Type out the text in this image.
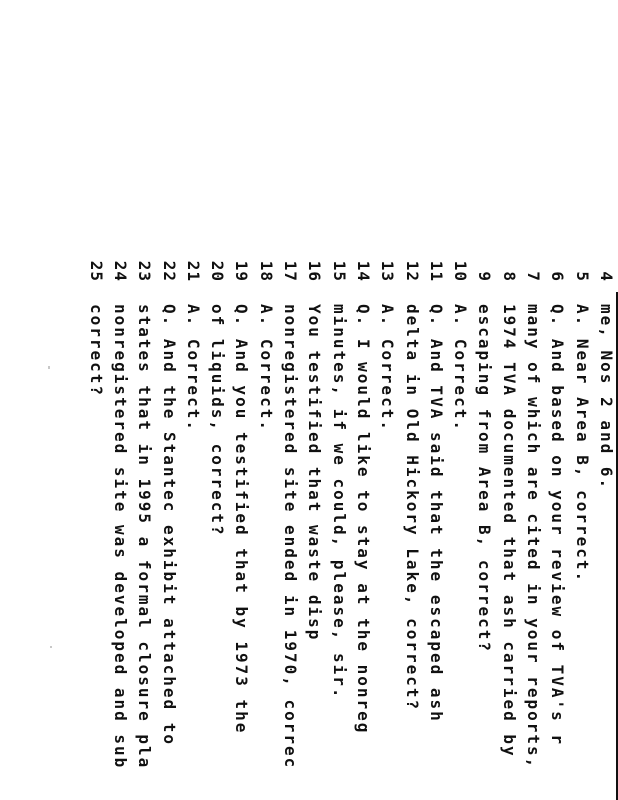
4
me, Nos 2 and 6.
5
A. Near Area B, correct.
6
Q. And based on your review of TVA's r
7
many of which are cited in your reports,
8
1974 TVA documented that ash carried by
9
escaping from Area B, correct?
10
A. Correct.
11
Q. And TVA said that the escaped ash
12
delta in Old Hickory Lake, correct?
13
A. Correct.
14
Q. I would like to stay at the nonreg
15
minutes, if we could, please, sir.
16
You testified that waste disp
17
nonregistered site ended in 1970, correc
18
A. Correct.
19
Q. And you testified that by 1973 the
20
of liquids, correct?
21
A. Correct.
22
Q. And the Stantec exhibit attached to
23
states that in 1995 a formal closure pla
24
nonregistered site was developed and sub
25
correct?
